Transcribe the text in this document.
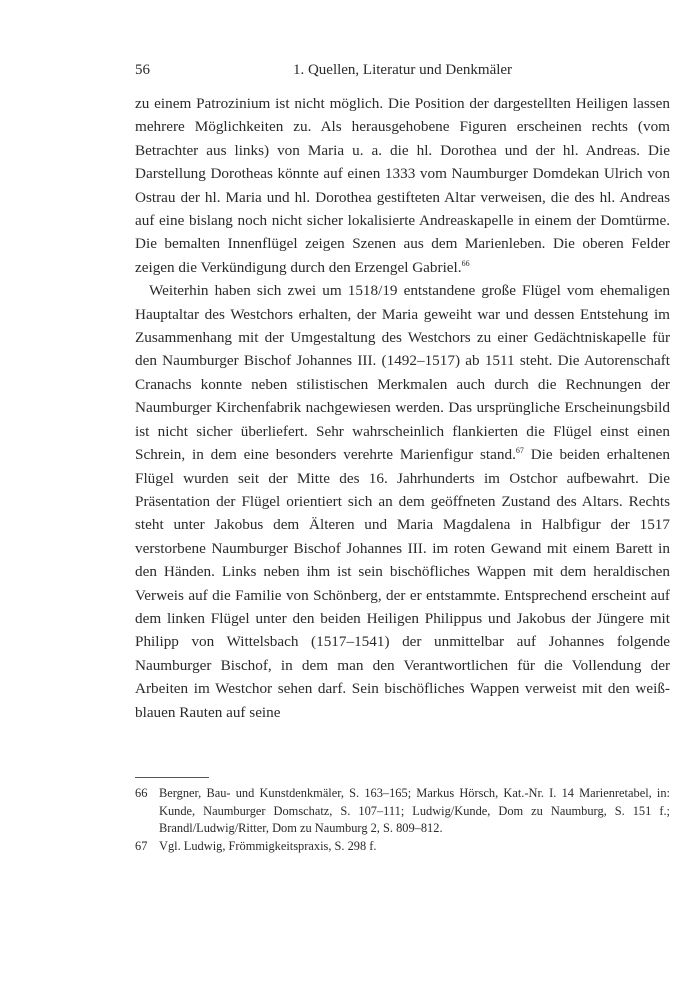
56	1. Quellen, Literatur und Denkmäler

zu einem Patrozinium ist nicht möglich. Die Position der dargestellten Heiligen lassen mehrere Möglichkeiten zu. Als herausgehobene Figuren erscheinen rechts (vom Betrachter aus links) von Maria u. a. die hl. Dorothea und der hl. Andreas. Die Darstellung Dorotheas könnte auf einen 1333 vom Naumburger Domdekan Ulrich von Ostrau der hl. Maria und hl. Dorothea gestifteten Altar verweisen, die des hl. Andreas auf eine bislang noch nicht sicher lokalisierte Andreaskapelle in einem der Domtürme. Die bemalten Innenflügel zeigen Szenen aus dem Marienleben. Die oberen Felder zeigen die Verkündigung durch den Erzengel Gabriel.$^{66}$

Weiterhin haben sich zwei um 1518/19 entstandene große Flügel vom ehemaligen Hauptaltar des Westchors erhalten, der Maria geweiht war und dessen Entstehung im Zusammenhang mit der Umgestaltung des Westchors zu einer Gedächtniskapelle für den Naumburger Bischof Johannes III. (1492–1517) ab 1511 steht. Die Autorenschaft Cranachs konnte neben stilistischen Merkmalen auch durch die Rechnungen der Naumburger Kirchenfabrik nachgewiesen werden. Das ursprüngliche Erscheinungsbild ist nicht sicher überliefert. Sehr wahrscheinlich flankierten die Flügel einst einen Schrein, in dem eine besonders verehrte Marienfigur stand.$^{67}$ Die beiden erhaltenen Flügel wurden seit der Mitte des 16. Jahrhunderts im Ostchor aufbewahrt. Die Präsentation der Flügel orientiert sich an dem geöffneten Zustand des Altars. Rechts steht unter Jakobus dem Älteren und Maria Magdalena in Halbfigur der 1517 verstorbene Naumburger Bischof Johannes III. im roten Gewand mit einem Barett in den Händen. Links neben ihm ist sein bischöfliches Wappen mit dem heraldischen Verweis auf die Familie von Schönberg, der er entstammte. Entsprechend erscheint auf dem linken Flügel unter den beiden Heiligen Philippus und Jakobus der Jüngere mit Philipp von Wittelsbach (1517–1541) der unmittelbar auf Johannes folgende Naumburger Bischof, in dem man den Verantwortlichen für die Vollendung der Arbeiten im Westchor sehen darf. Sein bischöfliches Wappen verweist mit den weiß-blauen Rauten auf seine

66 Bergner, Bau- und Kunstdenkmäler, S. 163–165; Markus Hörsch, Kat.-Nr. I. 14 Marienretabel, in: Kunde, Naumburger Domschatz, S. 107–111; Ludwig/Kunde, Dom zu Naumburg, S. 151 f.; Brandl/Ludwig/Ritter, Dom zu Naumburg 2, S. 809–812.
67 Vgl. Ludwig, Frömmigkeitspraxis, S. 298 f.
